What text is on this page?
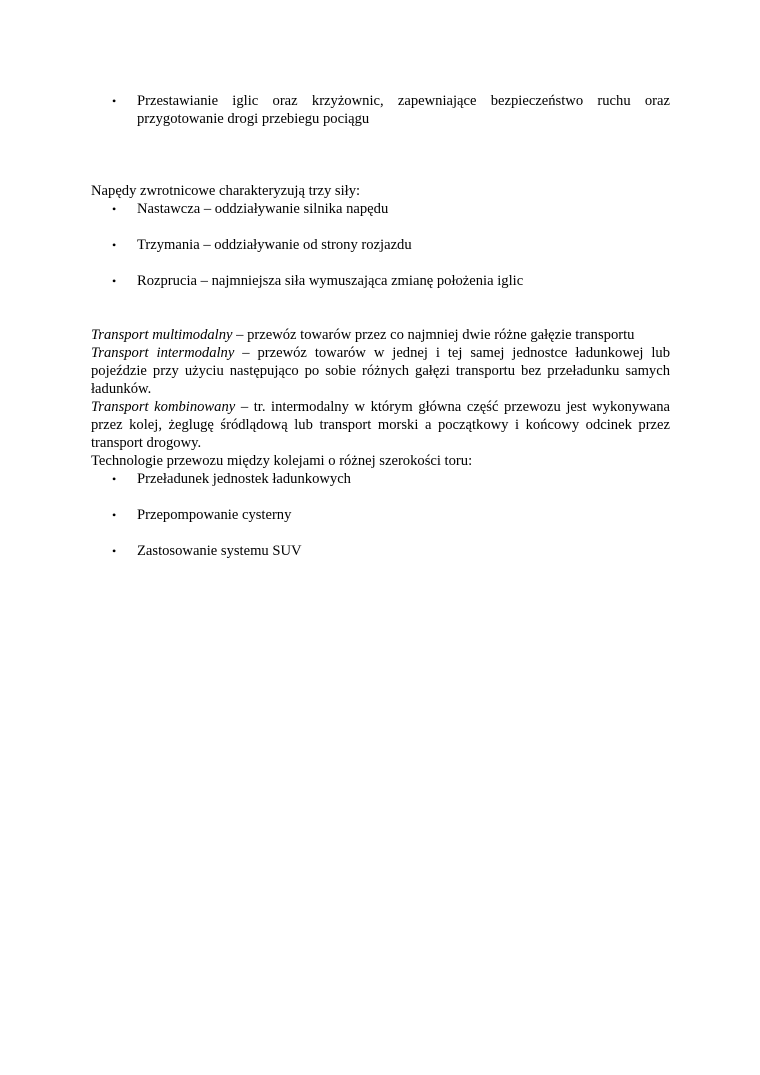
• Przestawianie iglic oraz krzyżownic, zapewniające bezpieczeństwo ruchu oraz przygotowanie drogi przebiegu pociągu

Napędy zwrotnicowe charakteryzują trzy siły:

• Nastawcza – oddziaływanie silnika napędu
• Trzymania – oddziaływanie od strony rozjazdu
• Rozprucia – najmniejsza siła wymuszająca zmianę położenia iglic

Transport multimodalny – przewóz towarów przez co najmniej dwie różne gałęzie transportu

Transport intermodalny – przewóz towarów w jednej i tej samej jednostce ładunkowej lub pojeździe przy użyciu następująco po sobie różnych gałęzi transportu bez przeładunku samych ładunków.

Transport kombinowany – tr. intermodalny w którym główna część przewozu jest wykonywana przez kolej, żeglugę śródlądową lub transport morski a początkowy i końcowy odcinek przez transport drogowy.

Technologie przewozu między kolejami o różnej szerokości toru:

• Przeładunek jednostek ładunkowych
• Przepompowanie cysterny
• Zastosowanie systemu SUV
